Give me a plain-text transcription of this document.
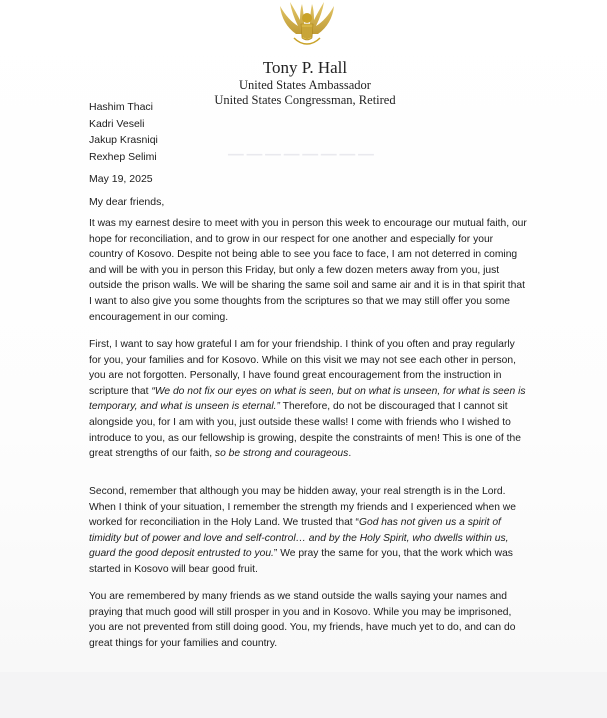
Tony P. Hall
United States Ambassador
United States Congressman, Retired
────────
Hashim Thaci
Kadri Veseli
Jakup Krasniqi
Rexhep Selimi
May 19, 2025
My dear friends,

It was my earnest desire to meet with you in person this week to encourage our mutual faith, our hope for reconciliation, and to grow in our respect for one another and especially for your country of Kosovo. Despite not being able to see you face to face, I am not deterred in coming and will be with you in person this Friday, but only a few dozen meters away from you, just outside the prison walls. We will be sharing the same soil and same air and it is in that spirit that I want to also give you some thoughts from the scriptures so that we may still offer you some encouragement in our coming.

First, I want to say how grateful I am for your friendship. I think of you often and pray regularly for you, your families and for Kosovo. While on this visit we may not see each other in person, you are not forgotten. Personally, I have found great encouragement from the instruction in scripture that “We do not fix our eyes on what is seen, but on what is unseen, for what is seen is temporary, and what is unseen is eternal.” Therefore, do not be discouraged that I cannot sit alongside you, for I am with you, just outside these walls! I come with friends who I wished to introduce to you, as our fellowship is growing, despite the constraints of men! This is one of the great strengths of our faith, so be strong and courageous.

Second, remember that although you may be hidden away, your real strength is in the Lord. When I think of your situation, I remember the strength my friends and I experienced when we worked for reconciliation in the Holy Land. We trusted that “God has not given us a spirit of timidity but of power and love and self-control… and by the Holy Spirit, who dwells within us, guard the good deposit entrusted to you.” We pray the same for you, that the work which was started in Kosovo will bear good fruit.

You are remembered by many friends as we stand outside the walls saying your names and praying that much good will still prosper in you and in Kosovo. While you may be imprisoned, you are not prevented from still doing good. You, my friends, have much yet to do, and can do great things for your families and country.
